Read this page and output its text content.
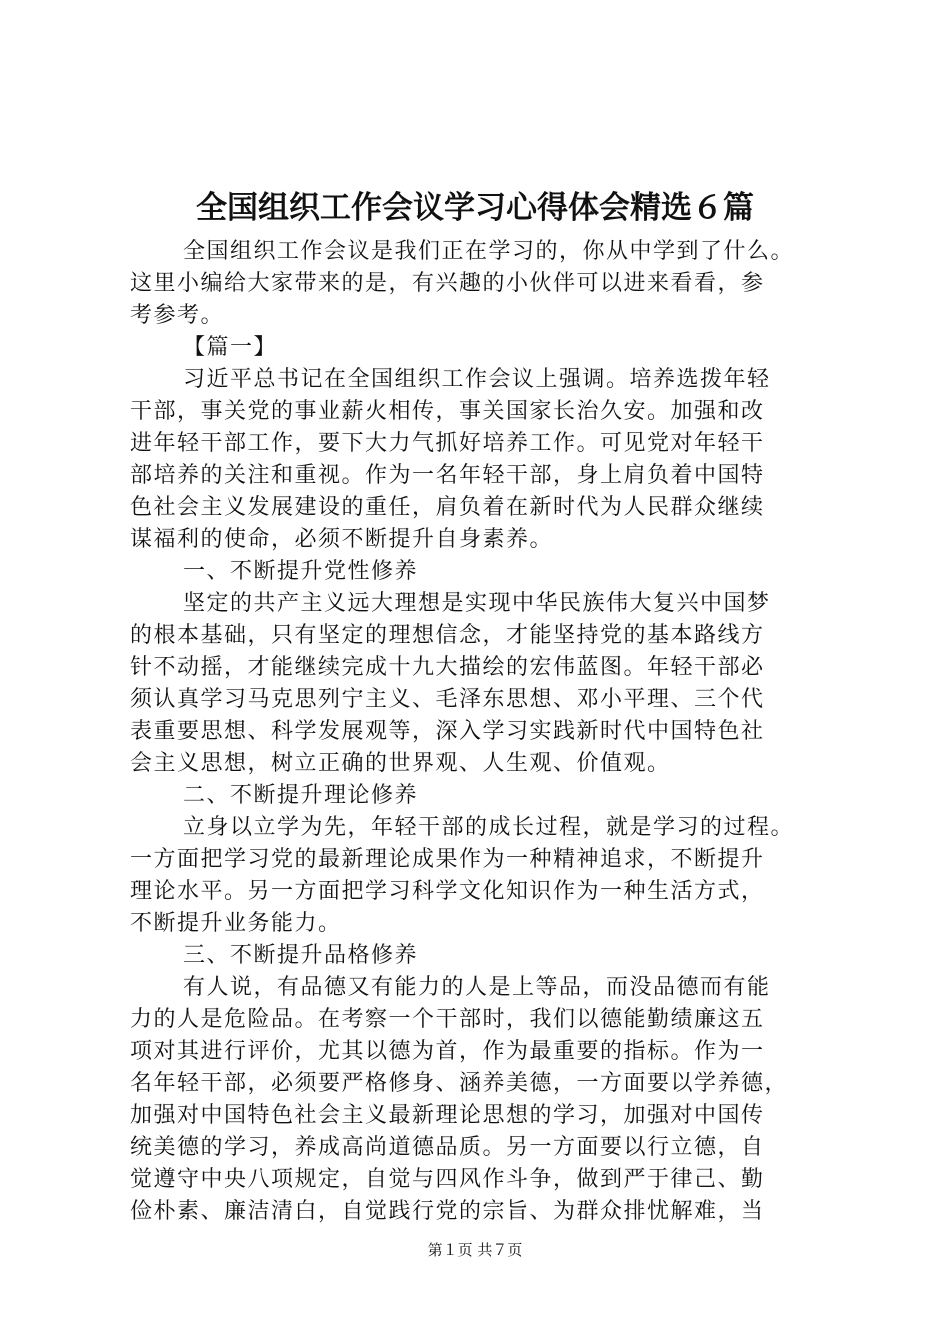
全国组织工作会议学习心得体会精选６篇
全国组织工作会议是我们正在学习的，你从中学到了什么。
这里小编给大家带来的是，有兴趣的小伙伴可以进来看看，参
考参考。
【篇一】
习近平总书记在全国组织工作会议上强调。培养选拨年轻
干部，事关党的事业薪火相传，事关国家长治久安。加强和改
进年轻干部工作，要下大力气抓好培养工作。可见党对年轻干
部培养的关注和重视。作为一名年轻干部，身上肩负着中国特
色社会主义发展建设的重任，肩负着在新时代为人民群众继续
谋福利的使命，必须不断提升自身素养。
一、不断提升党性修养
坚定的共产主义远大理想是实现中华民族伟大复兴中国梦
的根本基础，只有坚定的理想信念，才能坚持党的基本路线方
针不动摇，才能继续完成十九大描绘的宏伟蓝图。年轻干部必
须认真学习马克思列宁主义、毛泽东思想、邓小平理、三个代
表重要思想、科学发展观等，深入学习实践新时代中国特色社
会主义思想，树立正确的世界观、人生观、价值观。
二、不断提升理论修养
立身以立学为先，年轻干部的成长过程，就是学习的过程。
一方面把学习党的最新理论成果作为一种精神追求，不断提升
理论水平。另一方面把学习科学文化知识作为一种生活方式，
不断提升业务能力。
三、不断提升品格修养
有人说，有品德又有能力的人是上等品，而没品德而有能
力的人是危险品。在考察一个干部时，我们以德能勤绩廉这五
项对其进行评价，尤其以德为首，作为最重要的指标。作为一
名年轻干部，必须要严格修身、涵养美德，一方面要以学养德，
加强对中国特色社会主义最新理论思想的学习，加强对中国传
统美德的学习，养成高尚道德品质。另一方面要以行立德，自
觉遵守中央八项规定，自觉与四风作斗争，做到严于律己、勤
俭朴素、廉洁清白，自觉践行党的宗旨、为群众排忧解难，当
第１页 共７页
